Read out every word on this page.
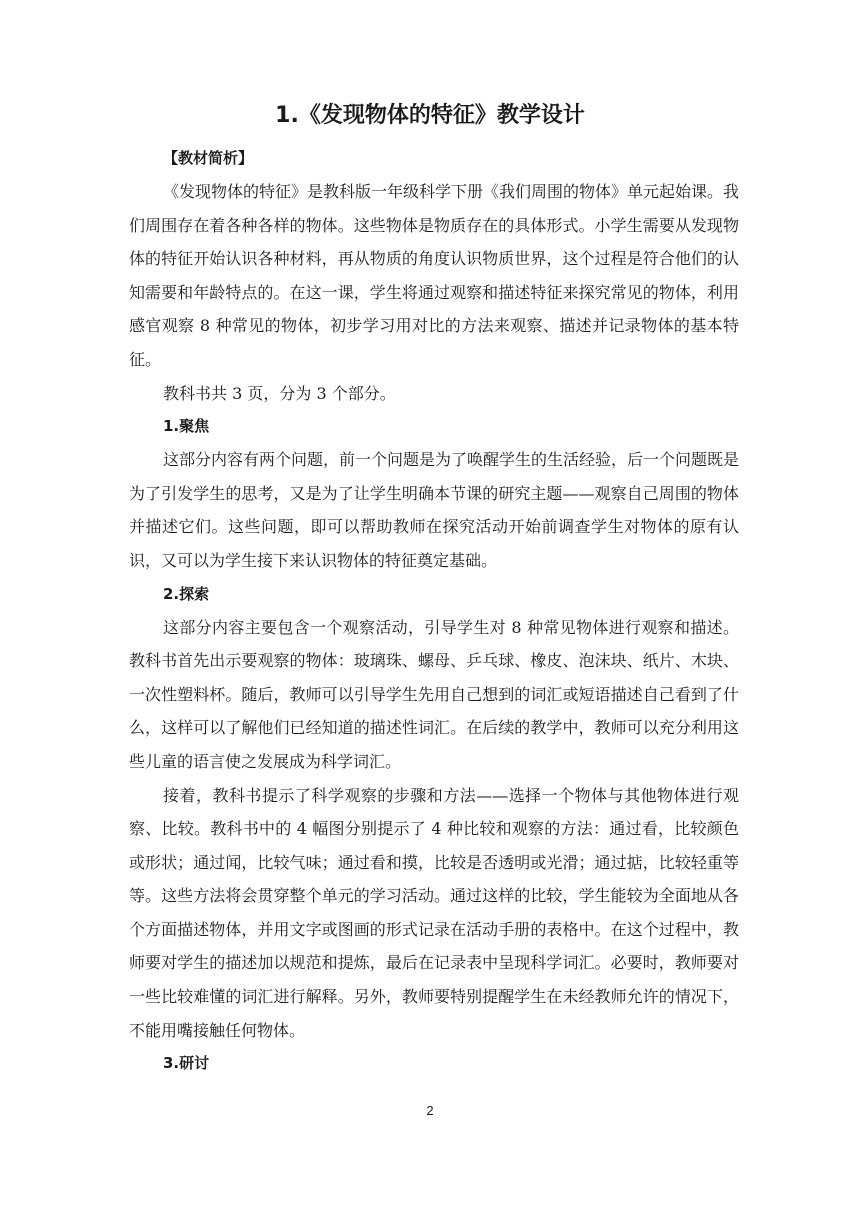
1.《发现物体的特征》教学设计
【教材简析】

《发现物体的特征》是教科版一年级科学下册《我们周围的物体》单元起始课。我们周围存在着各种各样的物体。这些物体是物质存在的具体形式。小学生需要从发现物体的特征开始认识各种材料，再从物质的角度认识物质世界，这个过程是符合他们的认知需要和年龄特点的。在这一课，学生将通过观察和描述特征来探究常见的物体，利用感官观察 8 种常见的物体，初步学习用对比的方法来观察、描述并记录物体的基本特征。

教科书共 3 页，分为 3 个部分。

1.聚焦

这部分内容有两个问题，前一个问题是为了唤醒学生的生活经验，后一个问题既是为了引发学生的思考，又是为了让学生明确本节课的研究主题——观察自己周围的物体并描述它们。这些问题，即可以帮助教师在探究活动开始前调查学生对物体的原有认识，又可以为学生接下来认识物体的特征奠定基础。

2.探索

这部分内容主要包含一个观察活动，引导学生对 8 种常见物体进行观察和描述。教科书首先出示要观察的物体：玻璃珠、螺母、乒乓球、橡皮、泡沫块、纸片、木块、一次性塑料杯。随后，教师可以引导学生先用自己想到的词汇或短语描述自己看到了什么，这样可以了解他们已经知道的描述性词汇。在后续的教学中，教师可以充分利用这些儿童的语言使之发展成为科学词汇。

接着，教科书提示了科学观察的步骤和方法——选择一个物体与其他物体进行观察、比较。教科书中的 4 幅图分别提示了 4 种比较和观察的方法：通过看，比较颜色或形状；通过闻，比较气味；通过看和摸，比较是否透明或光滑；通过掂，比较轻重等等。这些方法将会贯穿整个单元的学习活动。通过这样的比较，学生能较为全面地从各个方面描述物体，并用文字或图画的形式记录在活动手册的表格中。在这个过程中，教师要对学生的描述加以规范和提炼，最后在记录表中呈现科学词汇。必要时，教师要对一些比较难懂的词汇进行解释。另外，教师要特别提醒学生在未经教师允许的情况下，不能用嘴接触任何物体。

3.研讨
2
